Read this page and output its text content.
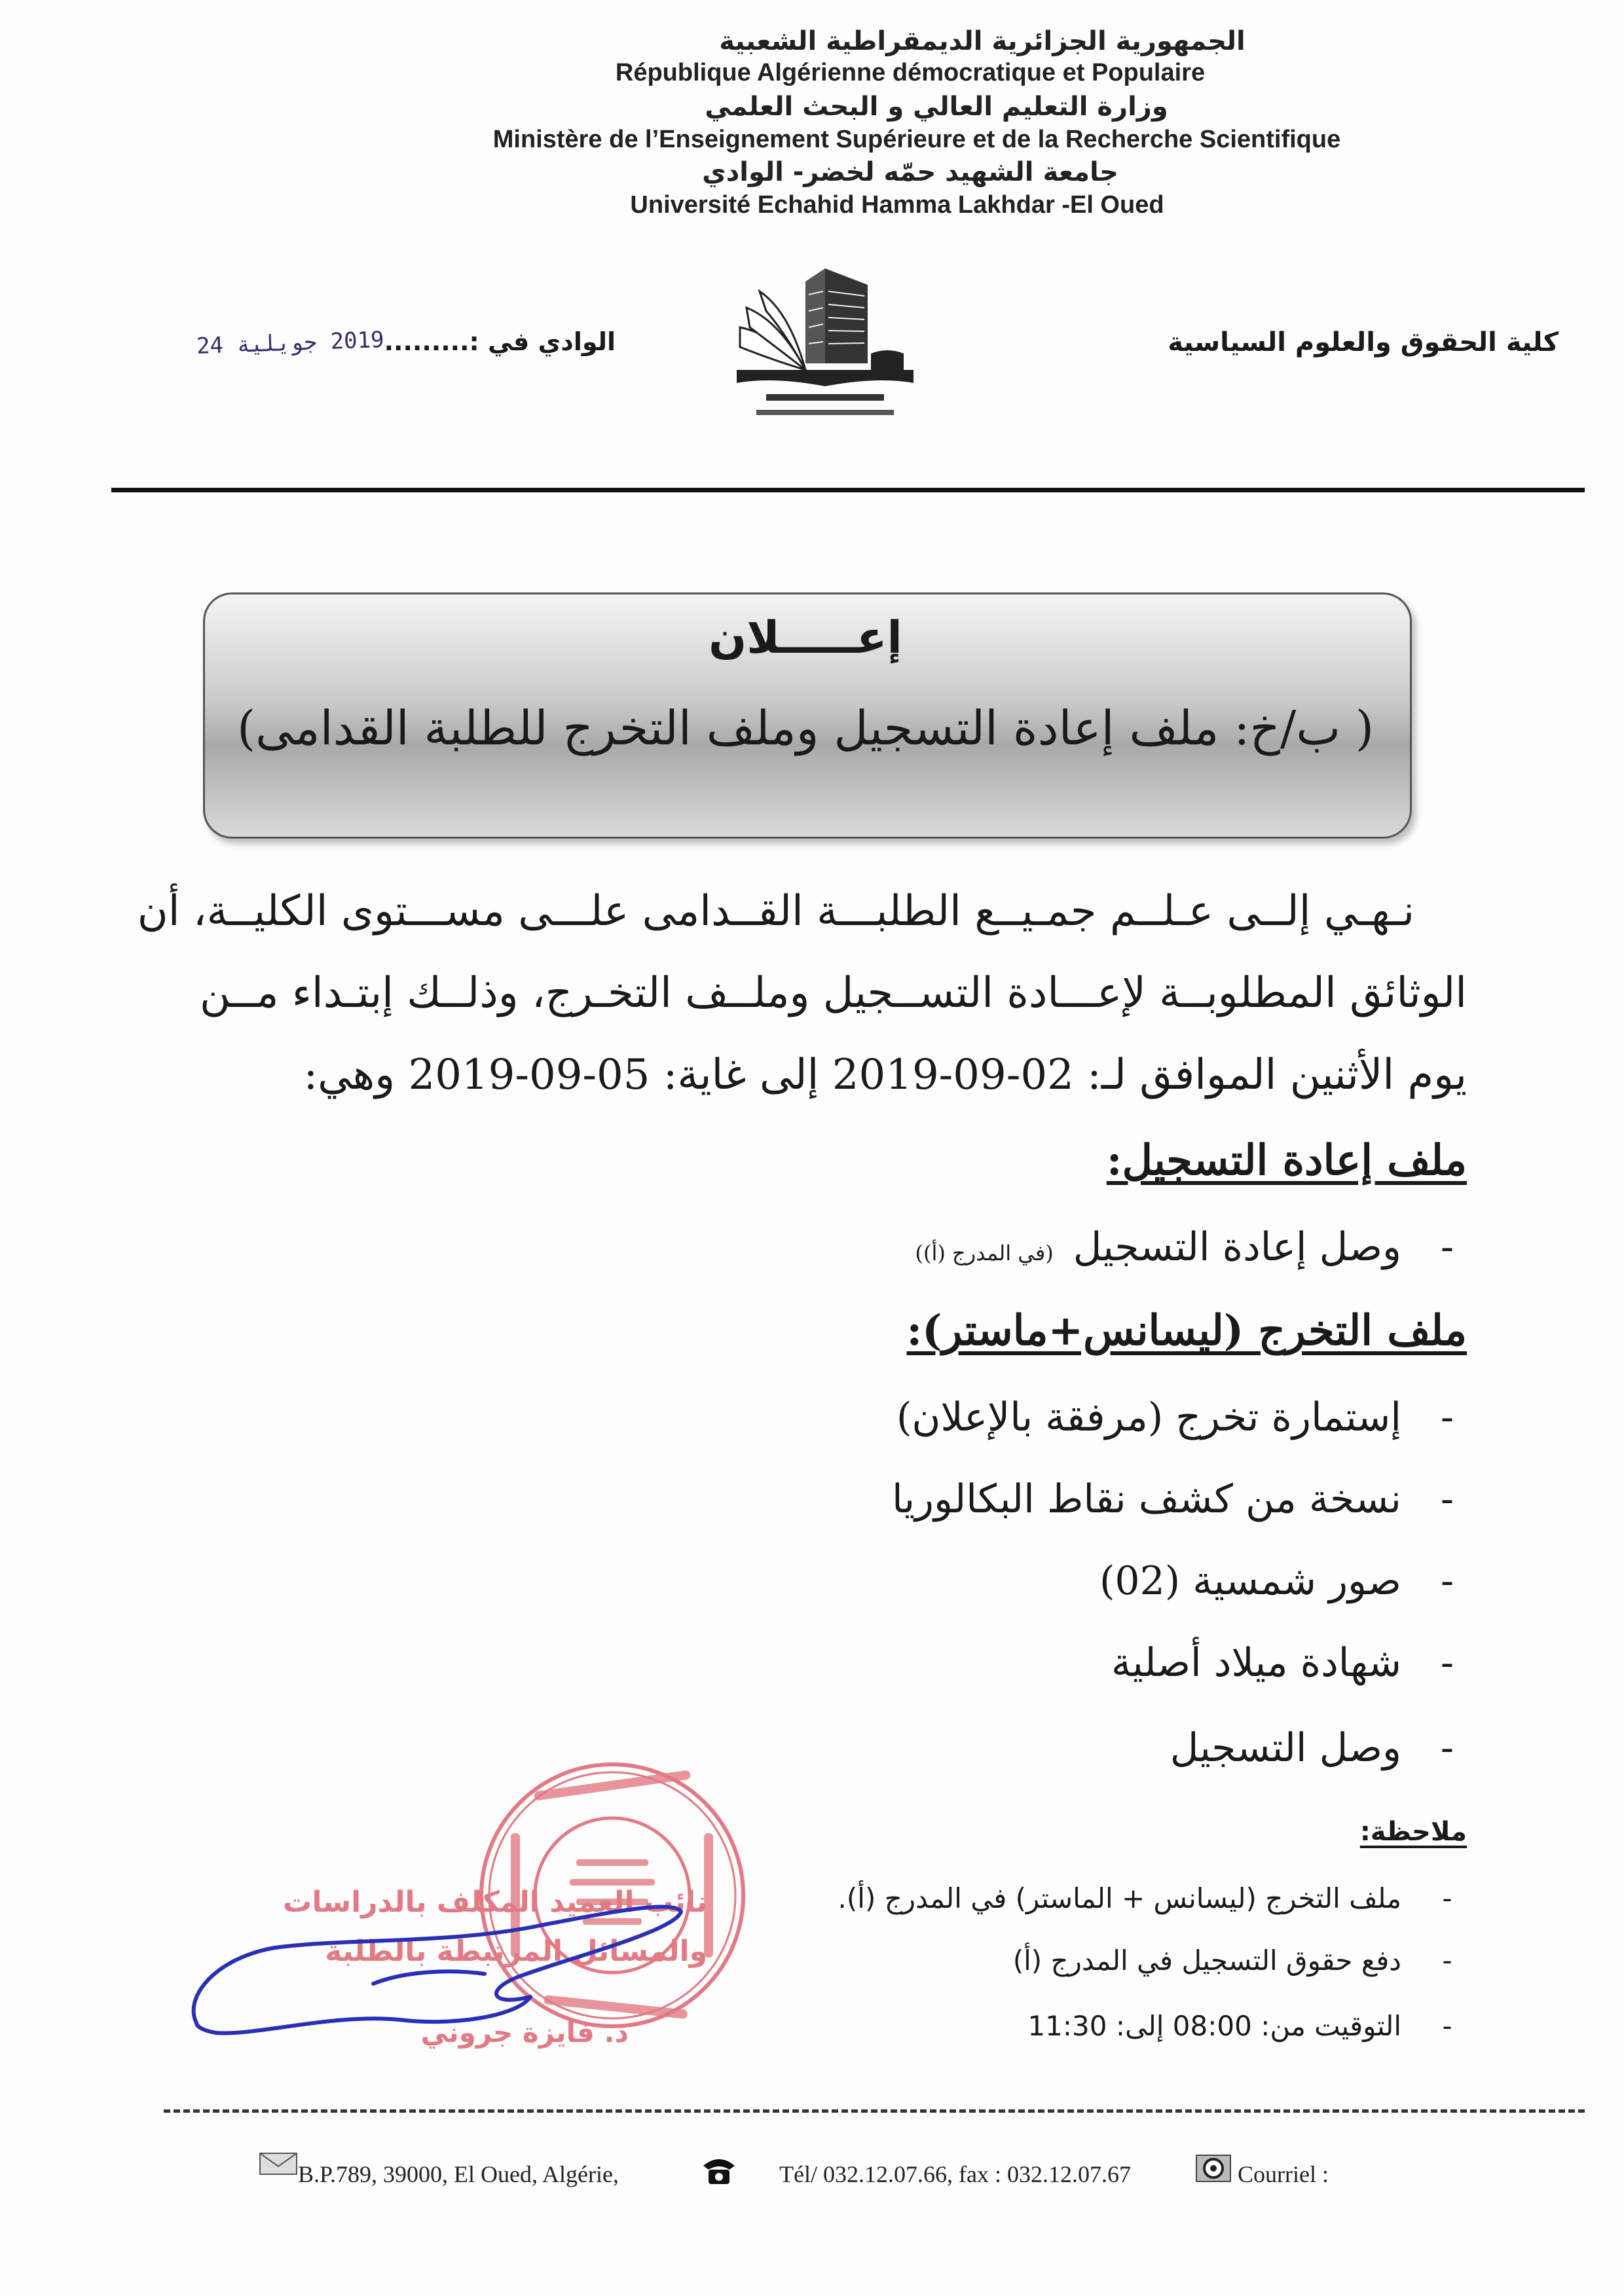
الجمهورية الجزائرية الديمقراطية الشعبية
République Algérienne démocratique et Populaire
وزارة التعليم العالي و البحث العلمي
Ministère de l’Enseignement Supérieure et de la Recherche Scientifique
جامعة الشهيد حمّه لخضر- الوادي
Université Echahid Hamma Lakhdar -El Oued
كلية الحقوق والعلوم السياسية
الوادي في :
.........
2019 جويلية 24
إعـــــلان
( ب/خ: ملف إعادة التسجيل وملف التخرج للطلبة القدامى)
نـهـي إلــى عـلــم جمـيــع الطلبـــة القــدامى علـــى مســـتوى الكليــة، أن
الوثائق المطلوبــة لإعـــادة التســجيل وملــف التخـرج، وذلــك إبتـداء مــن
يوم الأثنين الموافق لـ: 02-09-2019 إلى غاية: 05-09-2019 وهي:
ملف إعادة التسجيل:
-
وصل إعادة التسجيل
(في المدرج (أ))
ملف التخرج (ليسانس+ماستر):
-
إستمارة تخرج (مرفقة بالإعلان)
-
نسخة من كشف نقاط البكالوريا
-
صور شمسية (02)
-
شهادة ميلاد أصلية
-
وصل التسجيل
ملاحظة:
-
ملف التخرج (ليسانس + الماستر) في المدرج (أ).
-
دفع حقوق التسجيل في المدرج (أ)
-
التوقيت من: 08:00 إلى: 11:30
نائب العميد المكلف بالدراسات
والمسائل المرتبطة بالطلبة
د. فايزة جروني
B.P.789, 39000, El Oued, Algérie,	Tél/ 032.12.07.66, fax : 032.12.07.67	Courriel :
